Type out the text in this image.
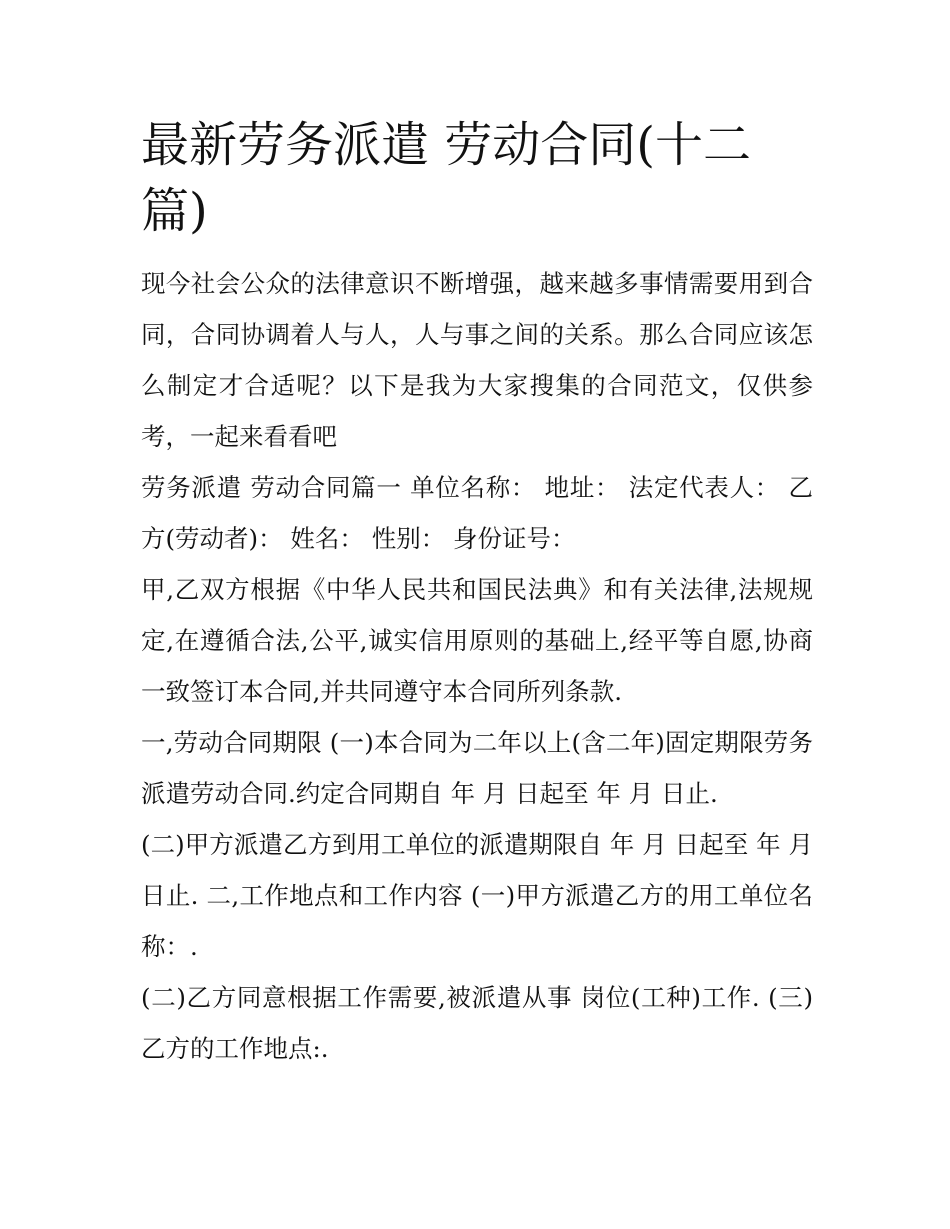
最新劳务派遣 劳动合同(十二篇)

现今社会公众的法律意识不断增强，越来越多事情需要用到合同，合同协调着人与人，人与事之间的关系。那么合同应该怎么制定才合适呢？以下是我为大家搜集的合同范文，仅供参考，一起来看看吧

劳务派遣 劳动合同篇一 单位名称： 地址： 法定代表人： 乙方(劳动者)： 姓名： 性别： 身份证号：

甲,乙双方根据《中华人民共和国民法典》和有关法律,法规规定,在遵循合法,公平,诚实信用原则的基础上,经平等自愿,协商一致签订本合同,并共同遵守本合同所列条款.

一,劳动合同期限 (一)本合同为二年以上(含二年)固定期限劳务派遣劳动合同.约定合同期自 年 月 日起至 年 月 日止.

(二)甲方派遣乙方到用工单位的派遣期限自 年 月 日起至 年 月 日止. 二,工作地点和工作内容 (一)甲方派遣乙方的用工单位名称：.

(二)乙方同意根据工作需要,被派遣从事 岗位(工种)工作. (三)乙方的工作地点:.
